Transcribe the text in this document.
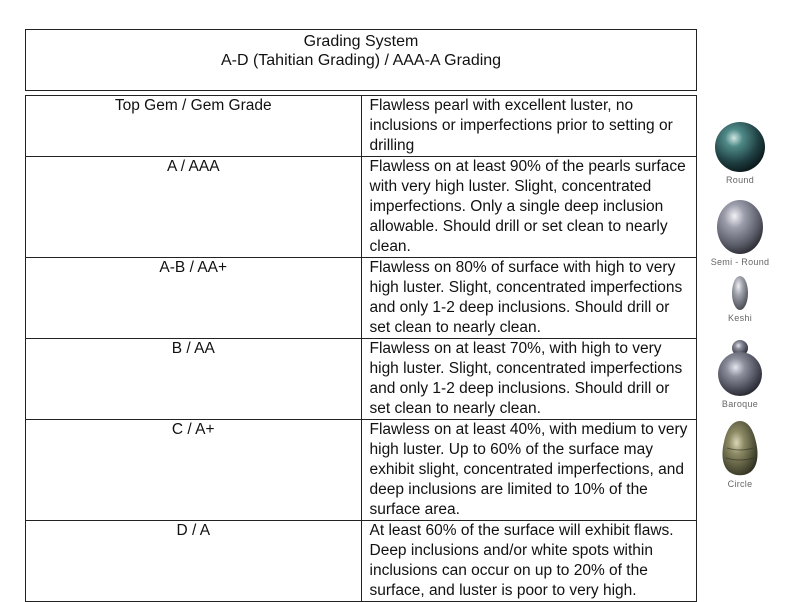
Grading System
A-D (Tahitian Grading) / AAA-A Grading	

Top Gem / Gem Grade	Flawless pearl with excellent luster, no inclusions or imperfections prior to setting or drilling
A / AAA	Flawless on at least 90% of the pearls surface with very high luster. Slight, concentrated imperfections. Only a single deep inclusion allowable. Should drill or set clean to nearly clean.
A-B / AA+	Flawless on 80% of surface with high to very high luster. Slight, concentrated imperfections and only 1-2 deep inclusions. Should drill or set clean to nearly clean.
B / AA	Flawless on at least 70%, with high to very high luster. Slight, concentrated imperfections and only 1-2 deep inclusions. Should drill or set clean to nearly clean.
C / A+	Flawless on at least 40%, with medium to very high luster. Up to 60% of the surface may exhibit slight, concentrated imperfections, and deep inclusions are limited to 10% of the surface area.
D / A	At least 60% of the surface will exhibit flaws. Deep inclusions and/or white spots within inclusions can occur on up to 20% of the surface, and luster is poor to very high.
Round
Semi - Round
Keshi
Baroque
Circle
